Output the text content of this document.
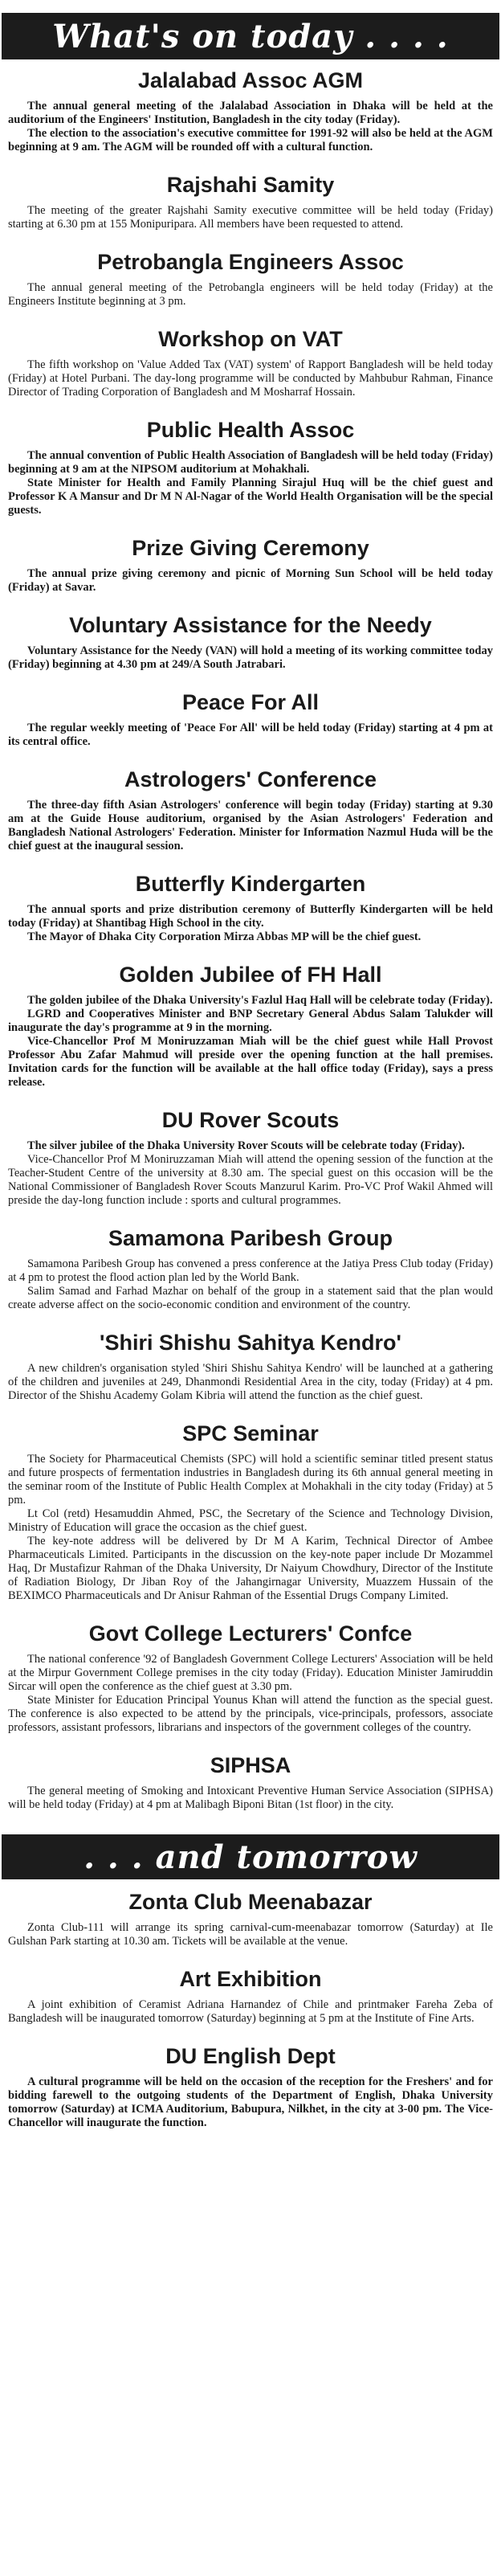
What's on today . . . .
Jalalabad Assoc AGM

The annual general meeting of the Jalalabad Association in Dhaka will be held at the auditorium of the Engineers' Institution, Bangladesh in the city today (Friday).

The election to the association's executive committee for 1991-92 will also be held at the AGM beginning at 9 am. The AGM will be rounded off with a cultural function.

Rajshahi Samity

The meeting of the greater Rajshahi Samity executive committee will be held today (Friday) starting at 6.30 pm at 155 Monipuripara. All members have been requested to attend.

Petrobangla Engineers Assoc

The annual general meeting of the Petrobangla engineers will be held today (Friday) at the Engineers Institute beginning at 3 pm.

Workshop on VAT

The fifth workshop on 'Value Added Tax (VAT) system' of Rapport Bangladesh will be held today (Friday) at Hotel Purbani. The day-long programme will be conducted by Mahbubur Rahman, Finance Director of Trading Corporation of Bangladesh and M Mosharraf Hossain.

Public Health Assoc

The annual convention of Public Health Association of Bangladesh will be held today (Friday) beginning at 9 am at the NIPSOM auditorium at Mohakhali.

State Minister for Health and Family Planning Sirajul Huq will be the chief guest and Professor K A Mansur and Dr M N Al-Nagar of the World Health Organisation will be the special guests.

Prize Giving Ceremony

The annual prize giving ceremony and picnic of Morning Sun School will be held today (Friday) at Savar.

Voluntary Assistance for the Needy

Voluntary Assistance for the Needy (VAN) will hold a meeting of its working committee today (Friday) beginning at 4.30 pm at 249/A South Jatrabari.

Peace For All

The regular weekly meeting of 'Peace For All' will be held today (Friday) starting at 4 pm at its central office.

Astrologers' Conference

The three-day fifth Asian Astrologers' conference will begin today (Friday) starting at 9.30 am at the Guide House auditorium, organised by the Asian Astrologers' Federation and Bangladesh National Astrologers' Federation. Minister for Information Nazmul Huda will be the chief guest at the inaugural session.

Butterfly Kindergarten

The annual sports and prize distribution ceremony of Butterfly Kindergarten will be held today (Friday) at Shantibag High School in the city.

The Mayor of Dhaka City Corporation Mirza Abbas MP will be the chief guest.

Golden Jubilee of FH Hall

The golden jubilee of the Dhaka University's Fazlul Haq Hall will be celebrate today (Friday).

LGRD and Cooperatives Minister and BNP Secretary General Abdus Salam Talukder will inaugurate the day's programme at 9 in the morning.

Vice-Chancellor Prof M Moniruzzaman Miah will be the chief guest while Hall Provost Professor Abu Zafar Mahmud will preside over the opening function at the hall premises. Invitation cards for the function will be available at the hall office today (Friday), says a press release.

DU Rover Scouts

The silver jubilee of the Dhaka University Rover Scouts will be celebrate today (Friday).

Vice-Chancellor Prof M Moniruzzaman Miah will attend the opening session of the function at the Teacher-Student Centre of the university at 8.30 am. The special guest on this occasion will be the National Commissioner of Bangladesh Rover Scouts Manzurul Karim. Pro-VC Prof Wakil Ahmed will preside the day-long function include : sports and cultural programmes.

Samamona Paribesh Group

Samamona Paribesh Group has convened a press conference at the Jatiya Press Club today (Friday) at 4 pm to protest the flood action plan led by the World Bank.

Salim Samad and Farhad Mazhar on behalf of the group in a statement said that the plan would create adverse affect on the socio-economic condition and environment of the country.

'Shiri Shishu Sahitya Kendro'

A new children's organisation styled 'Shiri Shishu Sahitya Kendro' will be launched at a gathering of the children and juveniles at 249, Dhanmondi Residential Area in the city, today (Friday) at 4 pm. Director of the Shishu Academy Golam Kibria will attend the function as the chief guest.

SPC Seminar

The Society for Pharmaceutical Chemists (SPC) will hold a scientific seminar titled present status and future prospects of fermentation industries in Bangladesh during its 6th annual general meeting in the seminar room of the Institute of Public Health Complex at Mohakhali in the city today (Friday) at 5 pm.

Lt Col (retd) Hesamuddin Ahmed, PSC, the Secretary of the Science and Technology Division, Ministry of Education will grace the occasion as the chief guest.

The key-note address will be delivered by Dr M A Karim, Technical Director of Ambee Pharmaceuticals Limited. Participants in the discussion on the key-note paper include Dr Mozammel Haq, Dr Mustafizur Rahman of the Dhaka University, Dr Naiyum Chowdhury, Director of the Institute of Radiation Biology, Dr Jiban Roy of the Jahangirnagar University, Muazzem Hussain of the BEXIMCO Pharmaceuticals and Dr Anisur Rahman of the Essential Drugs Company Limited.

Govt College Lecturers' Confce

The national conference '92 of Bangladesh Government College Lecturers' Association will be held at the Mirpur Government College premises in the city today (Friday). Education Minister Jamiruddin Sircar will open the conference as the chief guest at 3.30 pm.

State Minister for Education Principal Younus Khan will attend the function as the special guest. The conference is also expected to be attend by the principals, vice-principals, professors, associate professors, assistant professors, librarians and inspectors of the government colleges of the country.

SIPHSA

The general meeting of Smoking and Intoxicant Preventive Human Service Association (SIPHSA) will be held today (Friday) at 4 pm at Malibagh Biponi Bitan (1st floor) in the city.

. . . and tomorrow
Zonta Club Meenabazar

Zonta Club-111 will arrange its spring carnival-cum-meenabazar tomorrow (Saturday) at Ile Gulshan Park starting at 10.30 am. Tickets will be available at the venue.

Art Exhibition

A joint exhibition of Ceramist Adriana Harnandez of Chile and printmaker Fareha Zeba of Bangladesh will be inaugurated tomorrow (Saturday) beginning at 5 pm at the Institute of Fine Arts.

DU English Dept

A cultural programme will be held on the occasion of the reception for the Freshers' and for bidding farewell to the outgoing students of the Department of English, Dhaka University tomorrow (Saturday) at ICMA Auditorium, Babupura, Nilkhet, in the city at 3-00 pm. The Vice-Chancellor will inaugurate the function.
